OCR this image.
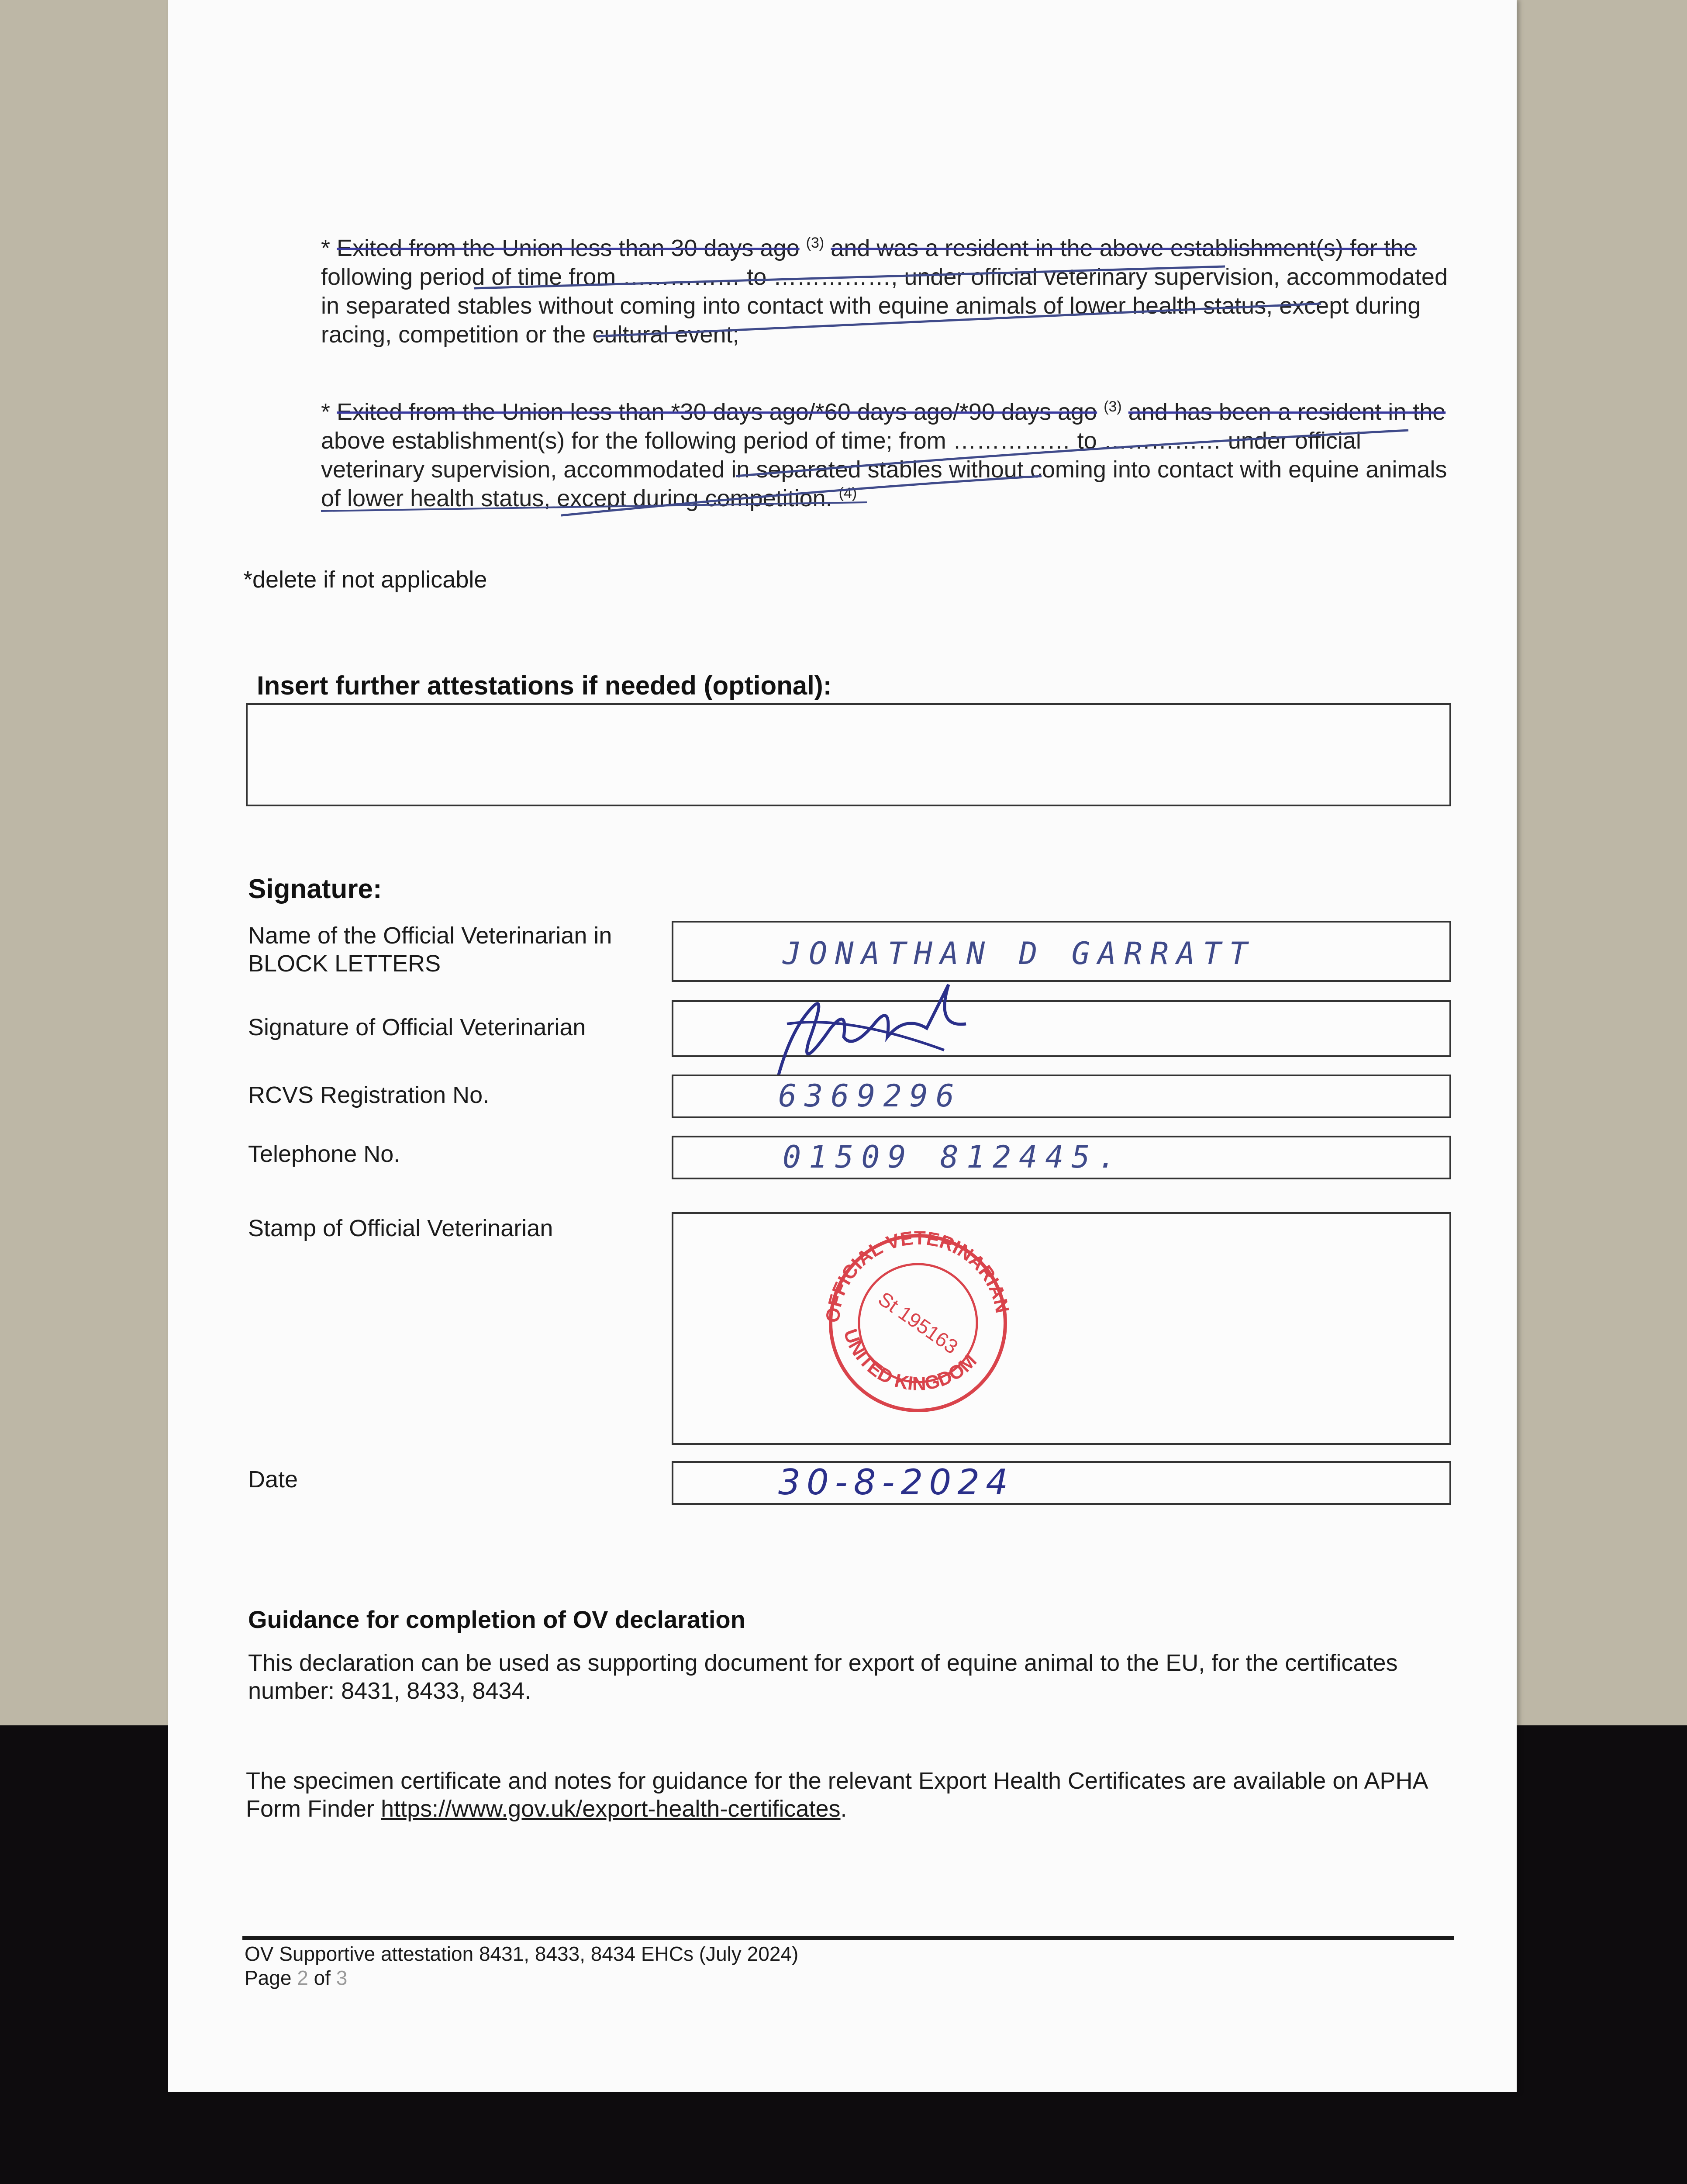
* Exited from the Union less than 30 days ago $^{(3)}$ and was a resident in the above establishment(s) for the following period of time from …………… to ……………, under official veterinary supervision, accommodated in separated stables without coming into contact with equine animals of lower health status, except during racing, competition or the cultural event;
* Exited from the Union less than *30 days ago/*60 days ago/*90 days ago $^{(3)}$ and has been a resident in the above establishment(s) for the following period of time; from …………… to …………… under official veterinary supervision, accommodated in separated stables without coming into contact with equine animals of lower health status, except during competition. $^{(4)}$
*delete if not applicable
Insert further attestations if needed (optional):
Signature:
Name of the Official Veterinarian in BLOCK LETTERS	JONATHAN D GARRATT
Signature of Official Veterinarian
RCVS Registration No.	6369296
Telephone No.	01509 812445.
Stamp of Official Veterinarian
OFFICIAL VETERINARIAN
UNITED KINGDOM
St 195163
Date	30-8-2024
Guidance for completion of OV declaration
This declaration can be used as supporting document for export of equine animal to the EU, for the certificates number: 8431, 8433, 8434.
The specimen certificate and notes for guidance for the relevant Export Health Certificates are available on APHA Form Finder https://www.gov.uk/export-health-certificates.
OV Supportive attestation 8431, 8433, 8434 EHCs (July 2024)
Page 2 of 3
